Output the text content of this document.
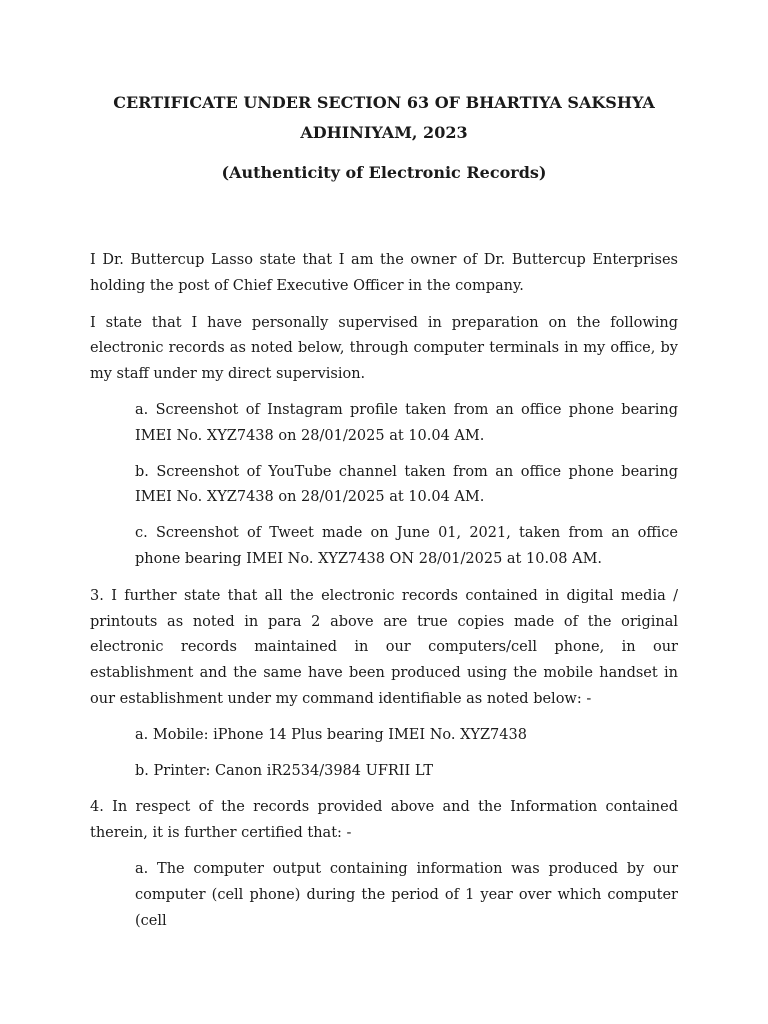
CERTIFICATE UNDER SECTION 63 OF BHARTIYA SAKSHYA

ADHINIYAM, 2023

(Authenticity of Electronic Records)

I Dr. Buttercup Lasso state that I am the owner of Dr. Buttercup Enterprises holding the post of Chief Executive Officer in the company.

I state that I have personally supervised in preparation on the following electronic records as noted below, through computer terminals in my office, by my staff under my direct supervision.

a. Screenshot of Instagram profile taken from an office phone bearing IMEI No. XYZ7438 on 28/01/2025 at 10.04 AM.

b. Screenshot of YouTube channel taken from an office phone bearing IMEI No. XYZ7438 on 28/01/2025 at 10.04 AM.

c. Screenshot of Tweet made on June 01, 2021, taken from an office phone bearing IMEI No. XYZ7438 ON 28/01/2025 at 10.08 AM.

3. I further state that all the electronic records contained in digital media / printouts as noted in para 2 above are true copies made of the original electronic records maintained in our computers/cell phone, in our establishment and the same have been produced using the mobile handset in our establishment under my command identifiable as noted below: -

a. Mobile: iPhone 14 Plus bearing IMEI No. XYZ7438

b. Printer: Canon iR2534/3984 UFRII LT

4. In respect of the records provided above and the Information contained therein, it is further certified that: -

a. The computer output containing information was produced by our computer (cell phone) during the period of 1 year over which computer (cell
